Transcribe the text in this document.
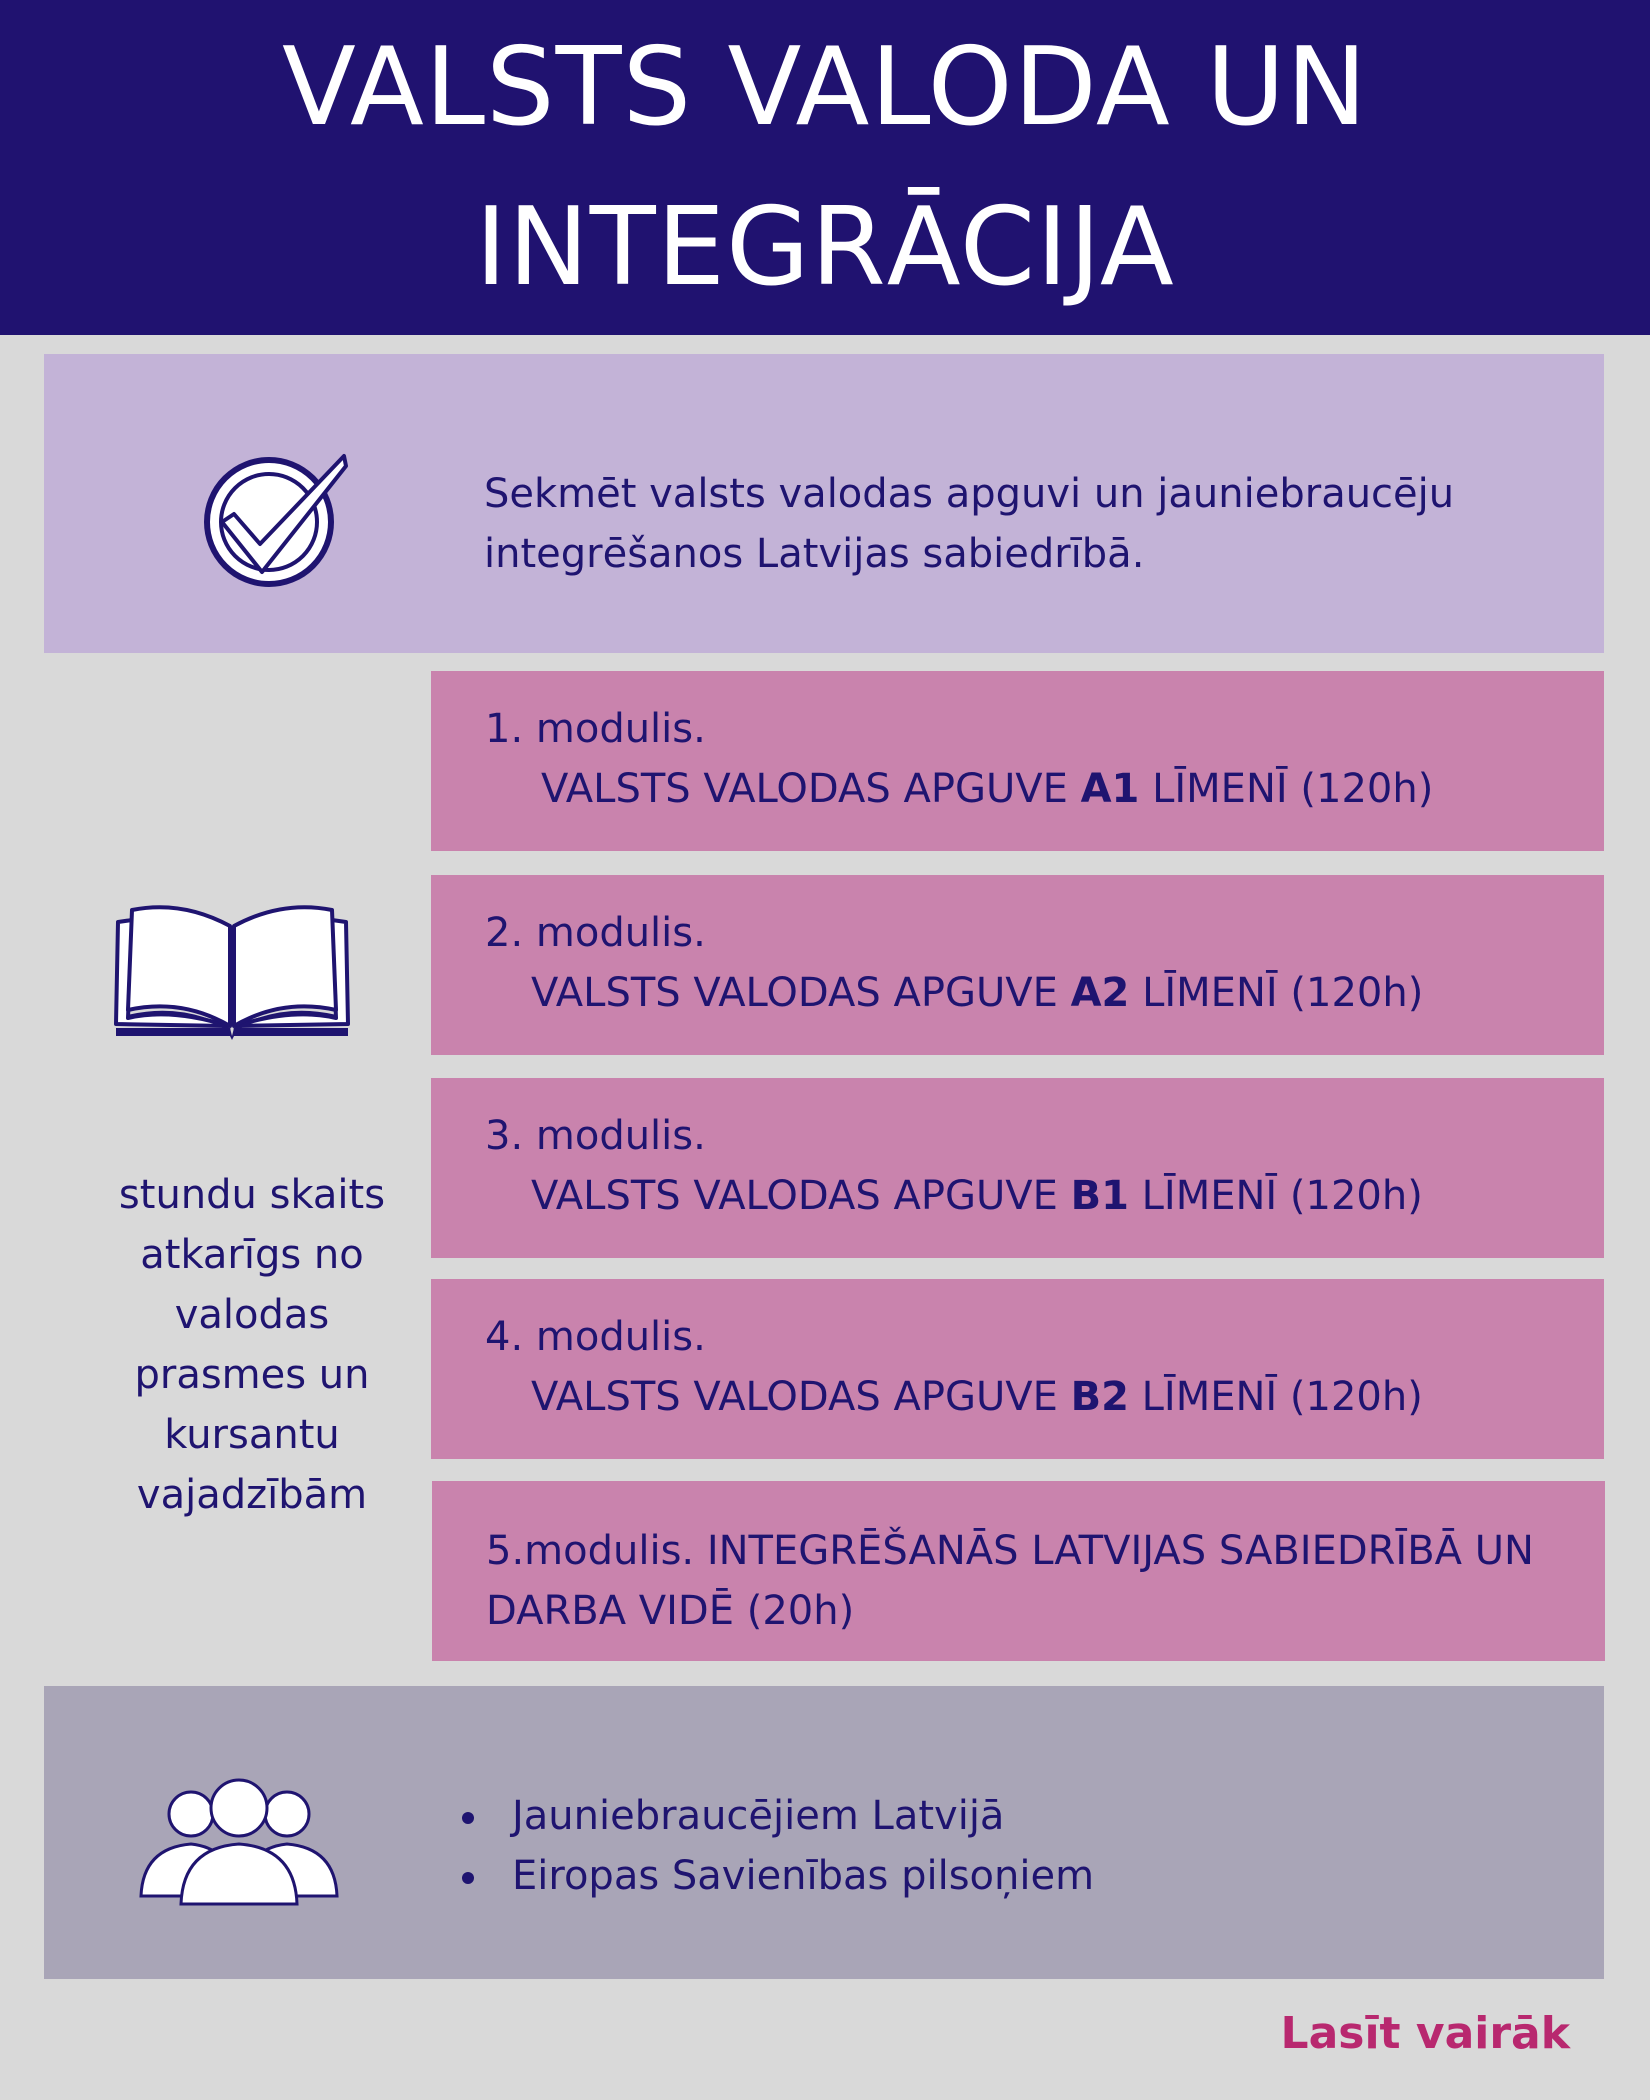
VALSTS VALODA UN
INTEGRĀCIJA
Sekmēt valsts valodas apguvi un jauniebraucēju integrēšanos Latvijas sabiedrībā.
1. modulis.
VALSTS VALODAS APGUVE A1 LĪMENĪ (120h)
2. modulis.
VALSTS VALODAS APGUVE A2 LĪMENĪ (120h)
3. modulis.
VALSTS VALODAS APGUVE B1 LĪMENĪ (120h)
4. modulis.
VALSTS VALODAS APGUVE B2 LĪMENĪ (120h)
5.modulis. INTEGRĒŠANĀS LATVIJAS SABIEDRĪBĀ UN DARBA VIDĒ (20h)
stundu skaits atkarīgs no valodas prasmes un kursantu vajadzībām
Jauniebraucējiem Latvijā
Eiropas Savienības pilsoņiem
Lasīt vairāk
